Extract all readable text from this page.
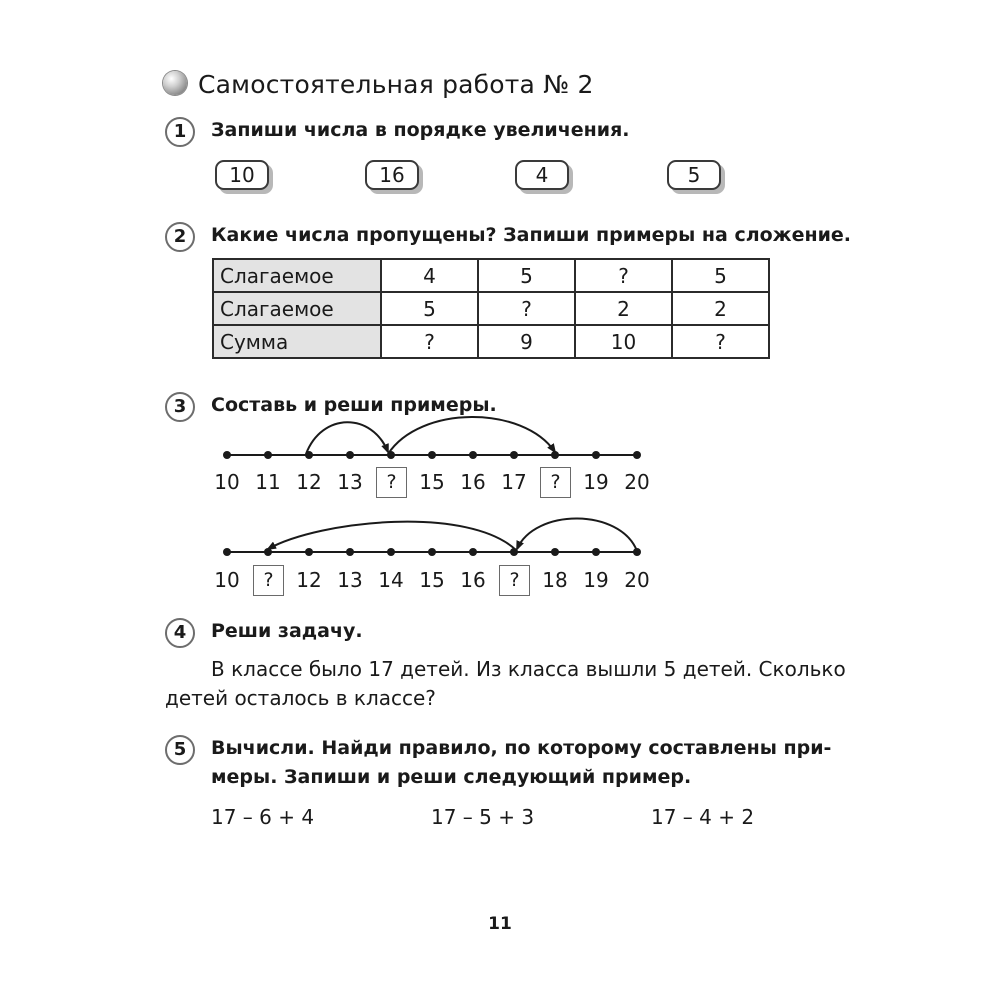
Самостоятельная работа № 2
1	Запиши числа в порядке увеличения.
10	16	4	5
2	Какие числа пропущены? Запиши примеры на сложение.
Слагаемое	4	5	?	5
Слагаемое	5	?	2	2
Сумма	?	9	10	?
3	Составь и реши примеры.
10 11 12 13	?	15 16 17	?	19 20
10	?	12 13 14 15 16	?	18 19 20
4	Реши задачу.
В классе было 17 детей. Из класса вышли 5 детей. Сколько
детей осталось в классе?
5	Вычисли. Найди правило, по которому составлены при-
меры. Запиши и реши следующий пример.
17 – 6 + 4	17 – 5 + 3	17 – 4 + 2
11
